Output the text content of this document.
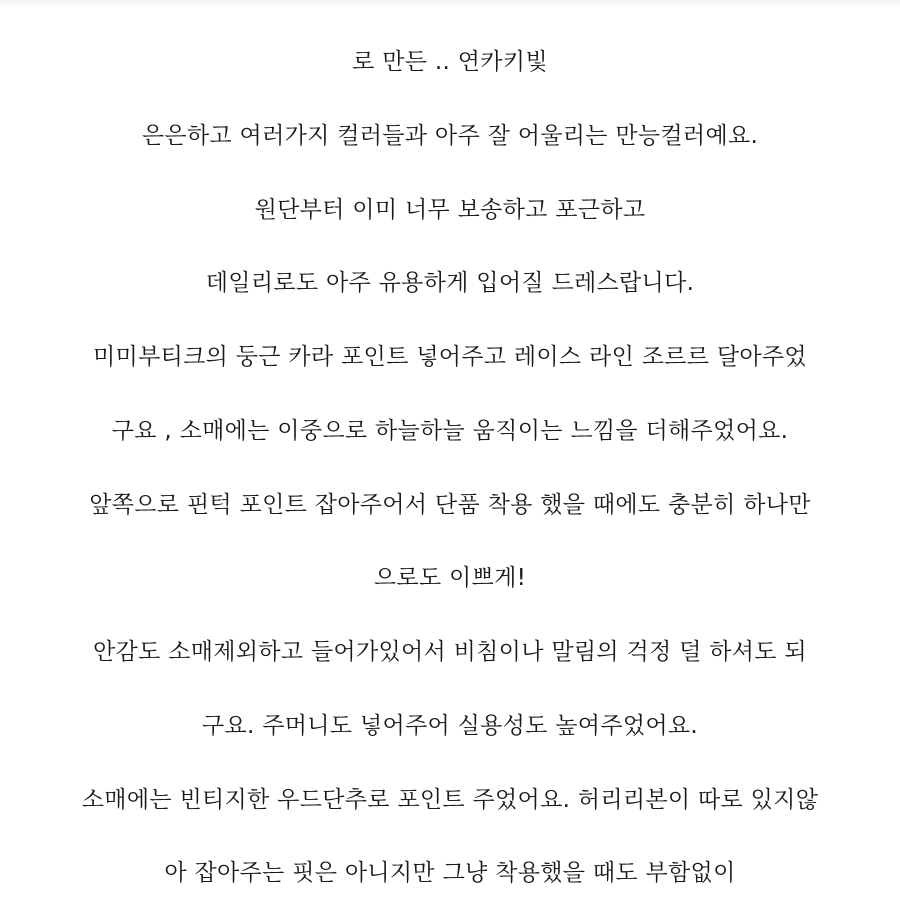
로 만든 .. 연카키빛
은은하고 여러가지 컬러들과 아주 잘 어울리는 만능컬러예요.
원단부터 이미 너무 보송하고 포근하고
데일리로도 아주 유용하게 입어질 드레스랍니다.
미미부티크의 둥근 카라 포인트 넣어주고 레이스 라인 조르르 달아주었
구요 , 소매에는 이중으로 하늘하늘 움직이는 느낌을 더해주었어요.
앞쪽으로 핀턱 포인트 잡아주어서 단품 착용 했을 때에도 충분히 하나만
으로도 이쁘게!
안감도 소매제외하고 들어가있어서 비침이나 말림의 걱정 덜 하셔도 되
구요. 주머니도 넣어주어 실용성도 높여주었어요.
소매에는 빈티지한 우드단추로 포인트 주었어요. 허리리본이 따로 있지않
아 잡아주는 핏은 아니지만 그냥 착용했을 때도 부함없이
